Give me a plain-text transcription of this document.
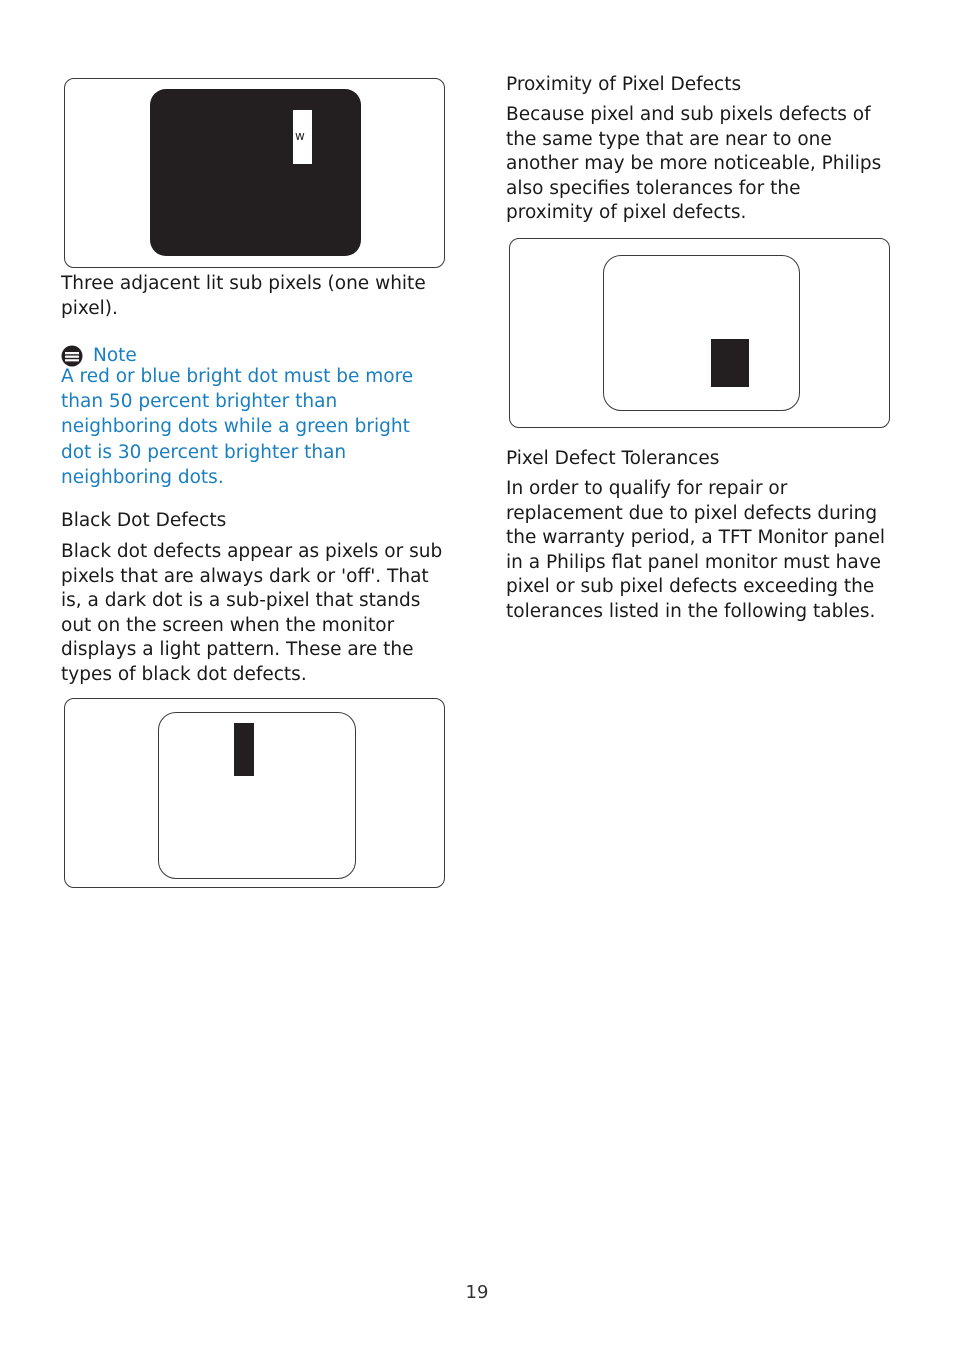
w

Three adjacent lit sub pixels (one white pixel).

Note

A red or blue bright dot must be more than 50 percent brighter than neighboring dots while a green bright dot is 30 percent brighter than neighboring dots.

Black Dot Defects

Black dot defects appear as pixels or sub pixels that are always dark or 'off'. That is, a dark dot is a sub-pixel that stands out on the screen when the monitor displays a light pattern. These are the types of black dot defects.

Proximity of Pixel Defects

Because pixel and sub pixels defects of the same type that are near to one another may be more noticeable, Philips also specifies tolerances for the proximity of pixel defects.

Pixel Defect Tolerances

In order to qualify for repair or replacement due to pixel defects during the warranty period, a TFT Monitor panel in a Philips flat panel monitor must have pixel or sub pixel defects exceeding the tolerances listed in the following tables.

19
